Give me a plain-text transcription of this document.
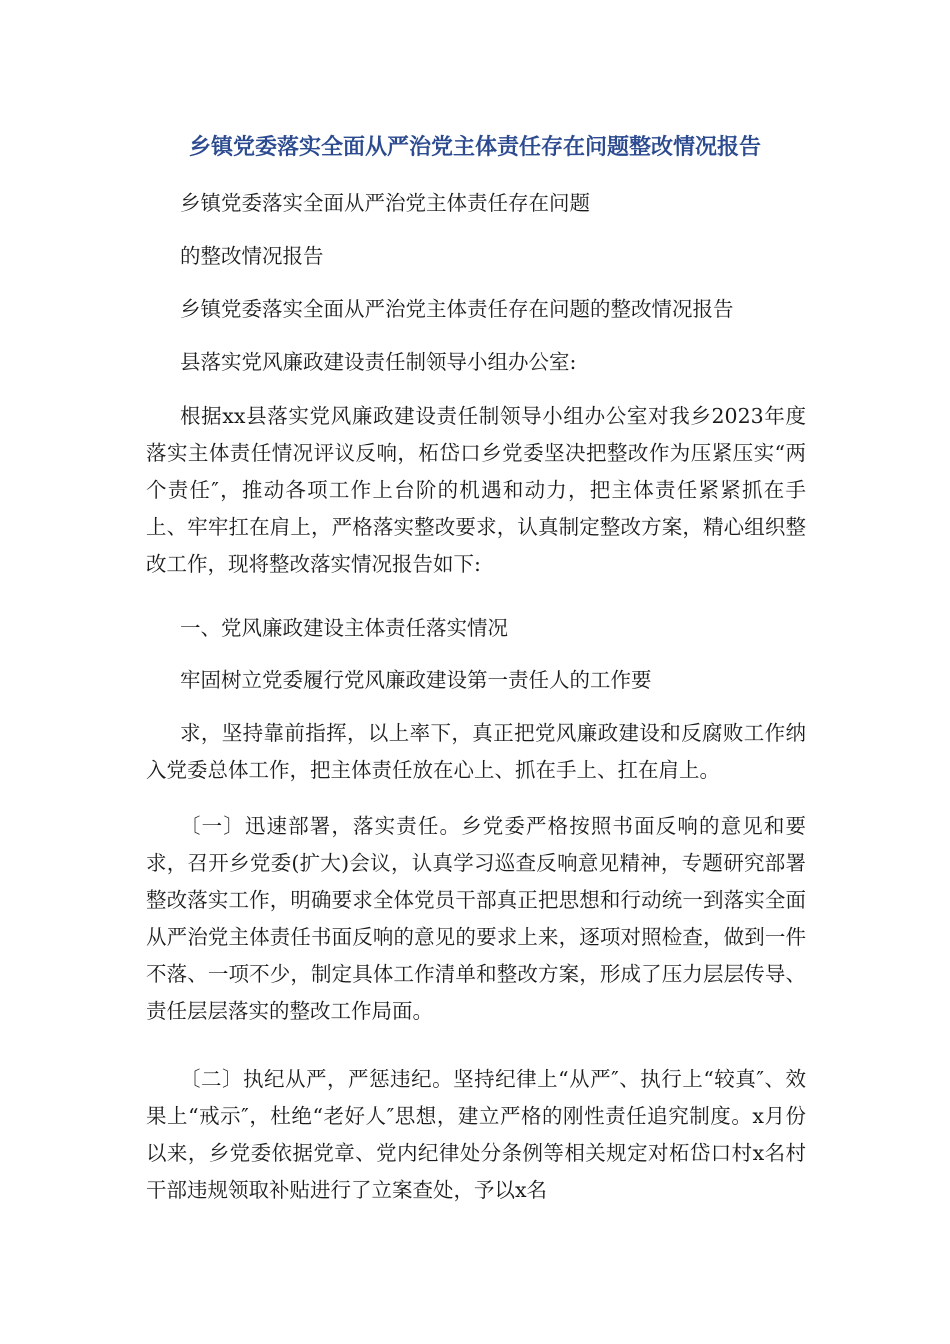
乡镇党委落实全面从严治党主体责任存在问题整改情况报告

乡镇党委落实全面从严治党主体责任存在问题

的整改情况报告

乡镇党委落实全面从严治党主体责任存在问题的整改情况报告

县落实党风廉政建设责任制领导小组办公室:

根据xx县落实党风廉政建设责任制领导小组办公室对我乡2023年度落实主体责任情况评议反响，柘岱口乡党委坚决把整改作为压紧压实“两个责任″，推动各项工作上台阶的机遇和动力，把主体责任紧紧抓在手上、牢牢扛在肩上，严格落实整改要求，认真制定整改方案，精心组织整改工作，现将整改落实情况报告如下:

一、党风廉政建设主体责任落实情况

牢固树立党委履行党风廉政建设第一责任人的工作要

求，坚持靠前指挥，以上率下，真正把党风廉政建设和反腐败工作纳入党委总体工作，把主体责任放在心上、抓在手上、扛在肩上。

〔一〕迅速部署，落实责任。乡党委严格按照书面反响的意见和要求，召开乡党委(扩大)会议，认真学习巡查反响意见精神，专题研究部署整改落实工作，明确要求全体党员干部真正把思想和行动统一到落实全面从严治党主体责任书面反响的意见的要求上来，逐项对照检查，做到一件不落、一项不少，制定具体工作清单和整改方案，形成了压力层层传导、责任层层落实的整改工作局面。

〔二〕执纪从严，严惩违纪。坚持纪律上“从严″、执行上“较真″、效果上“戒示″，杜绝“老好人″思想，建立严格的刚性责任追究制度。x月份以来，乡党委依据党章、党内纪律处分条例等相关规定对柘岱口村x名村干部违规领取补贴进行了立案查处，予以x名
